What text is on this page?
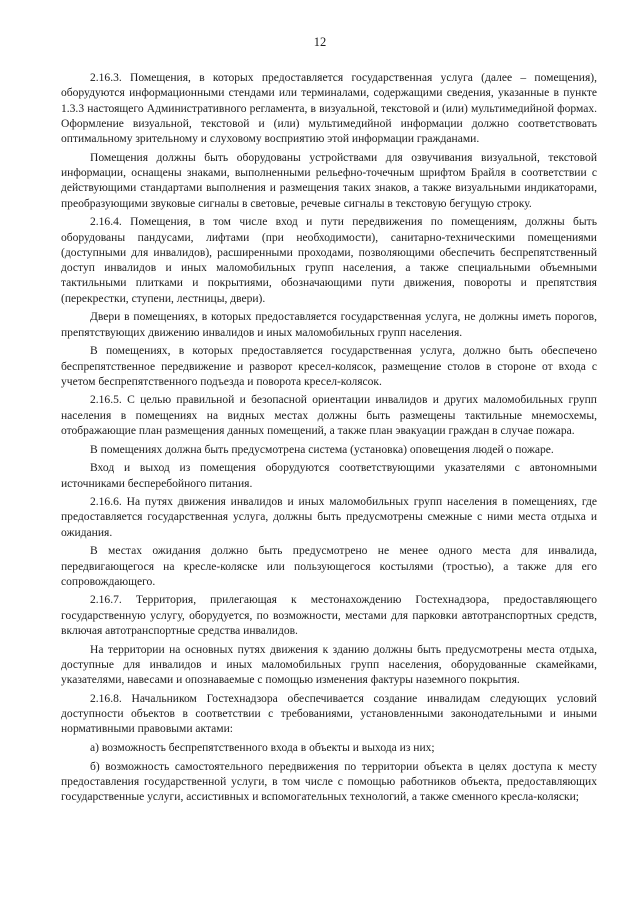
12

2.16.3. Помещения, в которых предоставляется государственная услуга (далее – помещения), оборудуются информационными стендами или терминалами, содержащими сведения, указанные в пункте 1.3.3 настоящего Административного регламента, в визуальной, текстовой и (или) мультимедийной формах. Оформление визуальной, текстовой и (или) мультимедийной информации должно соответствовать оптимальному зрительному и слуховому восприятию этой информации гражданами.

Помещения должны быть оборудованы устройствами для озвучивания визуальной, текстовой информации, оснащены знаками, выполненными рельефно-точечным шрифтом Брайля в соответствии с действующими стандартами выполнения и размещения таких знаков, а также визуальными индикаторами, преобразующими звуковые сигналы в световые, речевые сигналы в текстовую бегущую строку.

2.16.4. Помещения, в том числе вход и пути передвижения по помещениям, должны быть оборудованы пандусами, лифтами (при необходимости), санитарно-техническими помещениями (доступными для инвалидов), расширенными проходами, позволяющими обеспечить беспрепятственный доступ инвалидов и иных маломобильных групп населения, а также специальными объемными тактильными плитками и покрытиями, обозначающими пути движения, повороты и препятствия (перекрестки, ступени, лестницы, двери).

Двери в помещениях, в которых предоставляется государственная услуга, не должны иметь порогов, препятствующих движению инвалидов и иных маломобильных групп населения.

В помещениях, в которых предоставляется государственная услуга, должно быть обеспечено беспрепятственное передвижение и разворот кресел-колясок, размещение столов в стороне от входа с учетом беспрепятственного подъезда и поворота кресел-колясок.

2.16.5. С целью правильной и безопасной ориентации инвалидов и других маломобильных групп населения в помещениях на видных местах должны быть размещены тактильные мнемосхемы, отображающие план размещения данных помещений, а также план эвакуации граждан в случае пожара.

В помещениях должна быть предусмотрена система (установка) оповещения людей о пожаре.

Вход и выход из помещения оборудуются соответствующими указателями с автономными источниками бесперебойного питания.

2.16.6. На путях движения инвалидов и иных маломобильных групп населения в помещениях, где предоставляется государственная услуга, должны быть предусмотрены смежные с ними места отдыха и ожидания.

В местах ожидания должно быть предусмотрено не менее одного места для инвалида, передвигающегося на кресле-коляске или пользующегося костылями (тростью), а также для его сопровождающего.

2.16.7. Территория, прилегающая к местонахождению Гостехнадзора, предоставляющего государственную услугу, оборудуется, по возможности, местами для парковки автотранспортных средств, включая автотранспортные средства инвалидов.

На территории на основных путях движения к зданию должны быть предусмотрены места отдыха, доступные для инвалидов и иных маломобильных групп населения, оборудованные скамейками, указателями, навесами и опознаваемые с помощью изменения фактуры наземного покрытия.

2.16.8. Начальником Гостехнадзора обеспечивается создание инвалидам следующих условий доступности объектов в соответствии с требованиями, установленными законодательными и иными нормативными правовыми актами:

а) возможность беспрепятственного входа в объекты и выхода из них;

б) возможность самостоятельного передвижения по территории объекта в целях доступа к месту предоставления государственной услуги, в том числе с помощью работников объекта, предоставляющих государственные услуги, ассистивных и вспомогательных технологий, а также сменного кресла-коляски;
